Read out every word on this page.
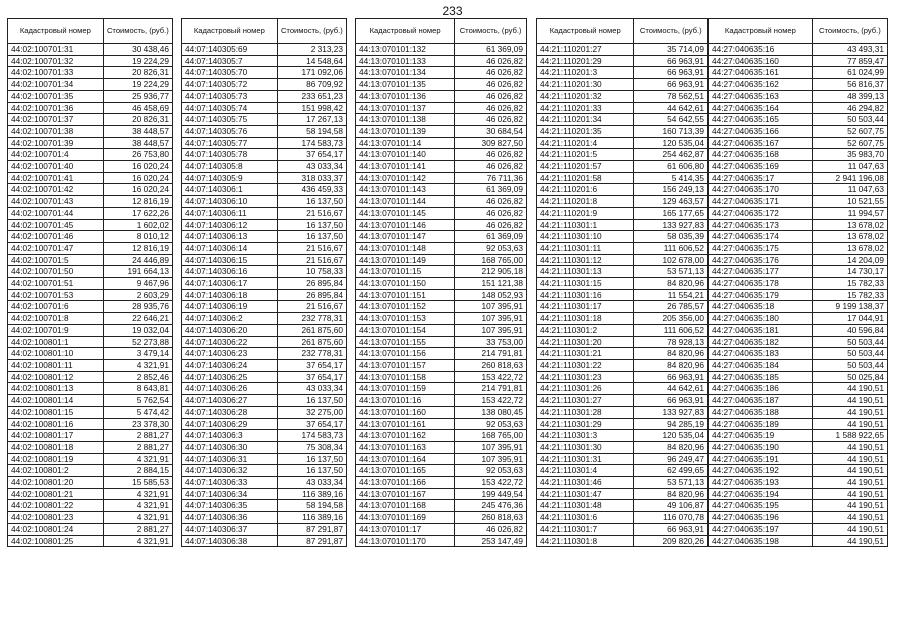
233
Кадастровый номер	Стоимость, (руб.)
44:02:100701:31	30 438,46
44:02:100701:32	19 224,29
44:02:100701:33	20 826,31
44:02:100701:34	19 224,29
44:02:100701:35	25 936,77
44:02:100701:36	46 458,69
44:02:100701:37	20 826,31
44:02:100701:38	38 448,57
44:02:100701:39	38 448,57
44:02:100701:4	26 753,80
44:02:100701:40	16 020,24
44:02:100701:41	16 020,24
44:02:100701:42	16 020,24
44:02:100701:43	12 816,19
44:02:100701:44	17 622,26
44:02:100701:45	1 602,02
44:02:100701:46	8 010,12
44:02:100701:47	12 816,19
44:02:100701:5	24 446,89
44:02:100701:50	191 664,13
44:02:100701:51	9 467,96
44:02:100701:53	2 603,29
44:02:100701:6	28 935,76
44:02:100701:8	22 646,21
44:02:100701:9	19 032,04
44:02:100801:1	52 273,88
44:02:100801:10	3 479,14
44:02:100801:11	4 321,91
44:02:100801:12	2 852,46
44:02:100801:13	8 643,81
44:02:100801:14	5 762,54
44:02:100801:15	5 474,42
44:02:100801:16	23 378,30
44:02:100801:17	2 881,27
44:02:100801:18	2 881,27
44:02:100801:19	4 321,91
44:02:100801:2	2 884,15
44:02:100801:20	15 585,53
44:02:100801:21	4 321,91
44:02:100801:22	4 321,91
44:02:100801:23	4 321,91
44:02:100801:24	2 881,27
44:02:100801:25	4 321,91
Кадастровый номер	Стоимость, (руб.)
44:07:140305:69	2 313,23
44:07:140305:7	14 548,64
44:07:140305:70	171 092,06
44:07:140305:72	86 709,92
44:07:140305:73	233 651,23
44:07:140305:74	151 998,42
44:07:140305:75	17 267,13
44:07:140305:76	58 194,58
44:07:140305:77	174 583,73
44:07:140305:78	37 654,17
44:07:140305:8	43 033,34
44:07:140305:9	318 033,37
44:07:140306:1	436 459,33
44:07:140306:10	16 137,50
44:07:140306:11	21 516,67
44:07:140306:12	16 137,50
44:07:140306:13	16 137,50
44:07:140306:14	21 516,67
44:07:140306:15	21 516,67
44:07:140306:16	10 758,33
44:07:140306:17	26 895,84
44:07:140306:18	26 895,84
44:07:140306:19	21 516,67
44:07:140306:2	232 778,31
44:07:140306:20	261 875,60
44:07:140306:22	261 875,60
44:07:140306:23	232 778,31
44:07:140306:24	37 654,17
44:07:140306:25	37 654,17
44:07:140306:26	43 033,34
44:07:140306:27	16 137,50
44:07:140306:28	32 275,00
44:07:140306:29	37 654,17
44:07:140306:3	174 583,73
44:07:140306:30	75 308,34
44:07:140306:31	16 137,50
44:07:140306:32	16 137,50
44:07:140306:33	43 033,34
44:07:140306:34	116 389,16
44:07:140306:35	58 194,58
44:07:140306:36	116 389,16
44:07:140306:37	87 291,87
44:07:140306:38	87 291,87
Кадастровый номер	Стоимость, (руб.)
44:13:070101:132	61 369,09
44:13:070101:133	46 026,82
44:13:070101:134	46 026,82
44:13:070101:135	46 026,82
44:13:070101:136	46 026,82
44:13:070101:137	46 026,82
44:13:070101:138	46 026,82
44:13:070101:139	30 684,54
44:13:070101:14	309 827,50
44:13:070101:140	46 026,82
44:13:070101:141	46 026,82
44:13:070101:142	76 711,36
44:13:070101:143	61 369,09
44:13:070101:144	46 026,82
44:13:070101:145	46 026,82
44:13:070101:146	46 026,82
44:13:070101:147	61 369,09
44:13:070101:148	92 053,63
44:13:070101:149	168 765,00
44:13:070101:15	212 905,18
44:13:070101:150	151 121,38
44:13:070101:151	148 052,93
44:13:070101:152	107 395,91
44:13:070101:153	107 395,91
44:13:070101:154	107 395,91
44:13:070101:155	33 753,00
44:13:070101:156	214 791,81
44:13:070101:157	260 818,63
44:13:070101:158	153 422,72
44:13:070101:159	214 791,81
44:13:070101:16	153 422,72
44:13:070101:160	138 080,45
44:13:070101:161	92 053,63
44:13:070101:162	168 765,00
44:13:070101:163	107 395,91
44:13:070101:164	107 395,91
44:13:070101:165	92 053,63
44:13:070101:166	153 422,72
44:13:070101:167	199 449,54
44:13:070101:168	245 476,36
44:13:070101:169	260 818,63
44:13:070101:17	46 026,82
44:13:070101:170	253 147,49
Кадастровый номер	Стоимость, (руб.)
44:21:110201:27	35 714,09
44:21:110201:29	66 963,91
44:21:110201:3	66 963,91
44:21:110201:30	66 963,91
44:21:110201:32	78 562,51
44:21:110201:33	44 642,61
44:21:110201:34	54 642,55
44:21:110201:35	160 713,39
44:21:110201:4	120 535,04
44:21:110201:5	254 462,87
44:21:110201:57	61 606,80
44:21:110201:58	5 414,35
44:21:110201:6	156 249,13
44:21:110201:8	129 463,57
44:21:110201:9	165 177,65
44:21:110301:1	133 927,83
44:21:110301:10	58 035,39
44:21:110301:11	111 606,52
44:21:110301:12	102 678,00
44:21:110301:13	53 571,13
44:21:110301:15	84 820,96
44:21:110301:16	11 554,21
44:21:110301:17	26 785,57
44:21:110301:18	205 356,00
44:21:110301:2	111 606,52
44:21:110301:20	78 928,13
44:21:110301:21	84 820,96
44:21:110301:22	84 820,96
44:21:110301:23	66 963,91
44:21:110301:26	44 642,61
44:21:110301:27	66 963,91
44:21:110301:28	133 927,83
44:21:110301:29	94 285,19
44:21:110301:3	120 535,04
44:21:110301:30	84 820,96
44:21:110301:31	96 249,47
44:21:110301:4	62 499,65
44:21:110301:46	53 571,13
44:21:110301:47	84 820,96
44:21:110301:48	49 106,87
44:21:110301:6	116 070,78
44:21:110301:7	66 963,91
44:21:110301:8	209 820,26
Кадастровый номер	Стоимость, (руб.)
44:27:040635:16	43 493,31
44:27:040635:160	77 859,47
44:27:040635:161	61 024,99
44:27:040635:162	56 816,37
44:27:040635:163	48 399,13
44:27:040635:164	46 294,82
44:27:040635:165	50 503,44
44:27:040635:166	52 607,75
44:27:040635:167	52 607,75
44:27:040635:168	35 983,70
44:27:040635:169	11 047,63
44:27:040635:17	2 941 196,08
44:27:040635:170	11 047,63
44:27:040635:171	10 521,55
44:27:040635:172	11 994,57
44:27:040635:173	13 678,02
44:27:040635:174	13 678,02
44:27:040635:175	13 678,02
44:27:040635:176	14 204,09
44:27:040635:177	14 730,17
44:27:040635:178	15 782,33
44:27:040635:179	15 782,33
44:27:040635:18	9 199 138,37
44:27:040635:180	17 044,91
44:27:040635:181	40 596,84
44:27:040635:182	50 503,44
44:27:040635:183	50 503,44
44:27:040635:184	50 503,44
44:27:040635:185	50 025,84
44:27:040635:186	44 190,51
44:27:040635:187	44 190,51
44:27:040635:188	44 190,51
44:27:040635:189	44 190,51
44:27:040635:19	1 588 922,65
44:27:040635:190	44 190,51
44:27:040635:191	44 190,51
44:27:040635:192	44 190,51
44:27:040635:193	44 190,51
44:27:040635:194	44 190,51
44:27:040635:195	44 190,51
44:27:040635:196	44 190,51
44:27:040635:197	44 190,51
44:27:040635:198	44 190,51
